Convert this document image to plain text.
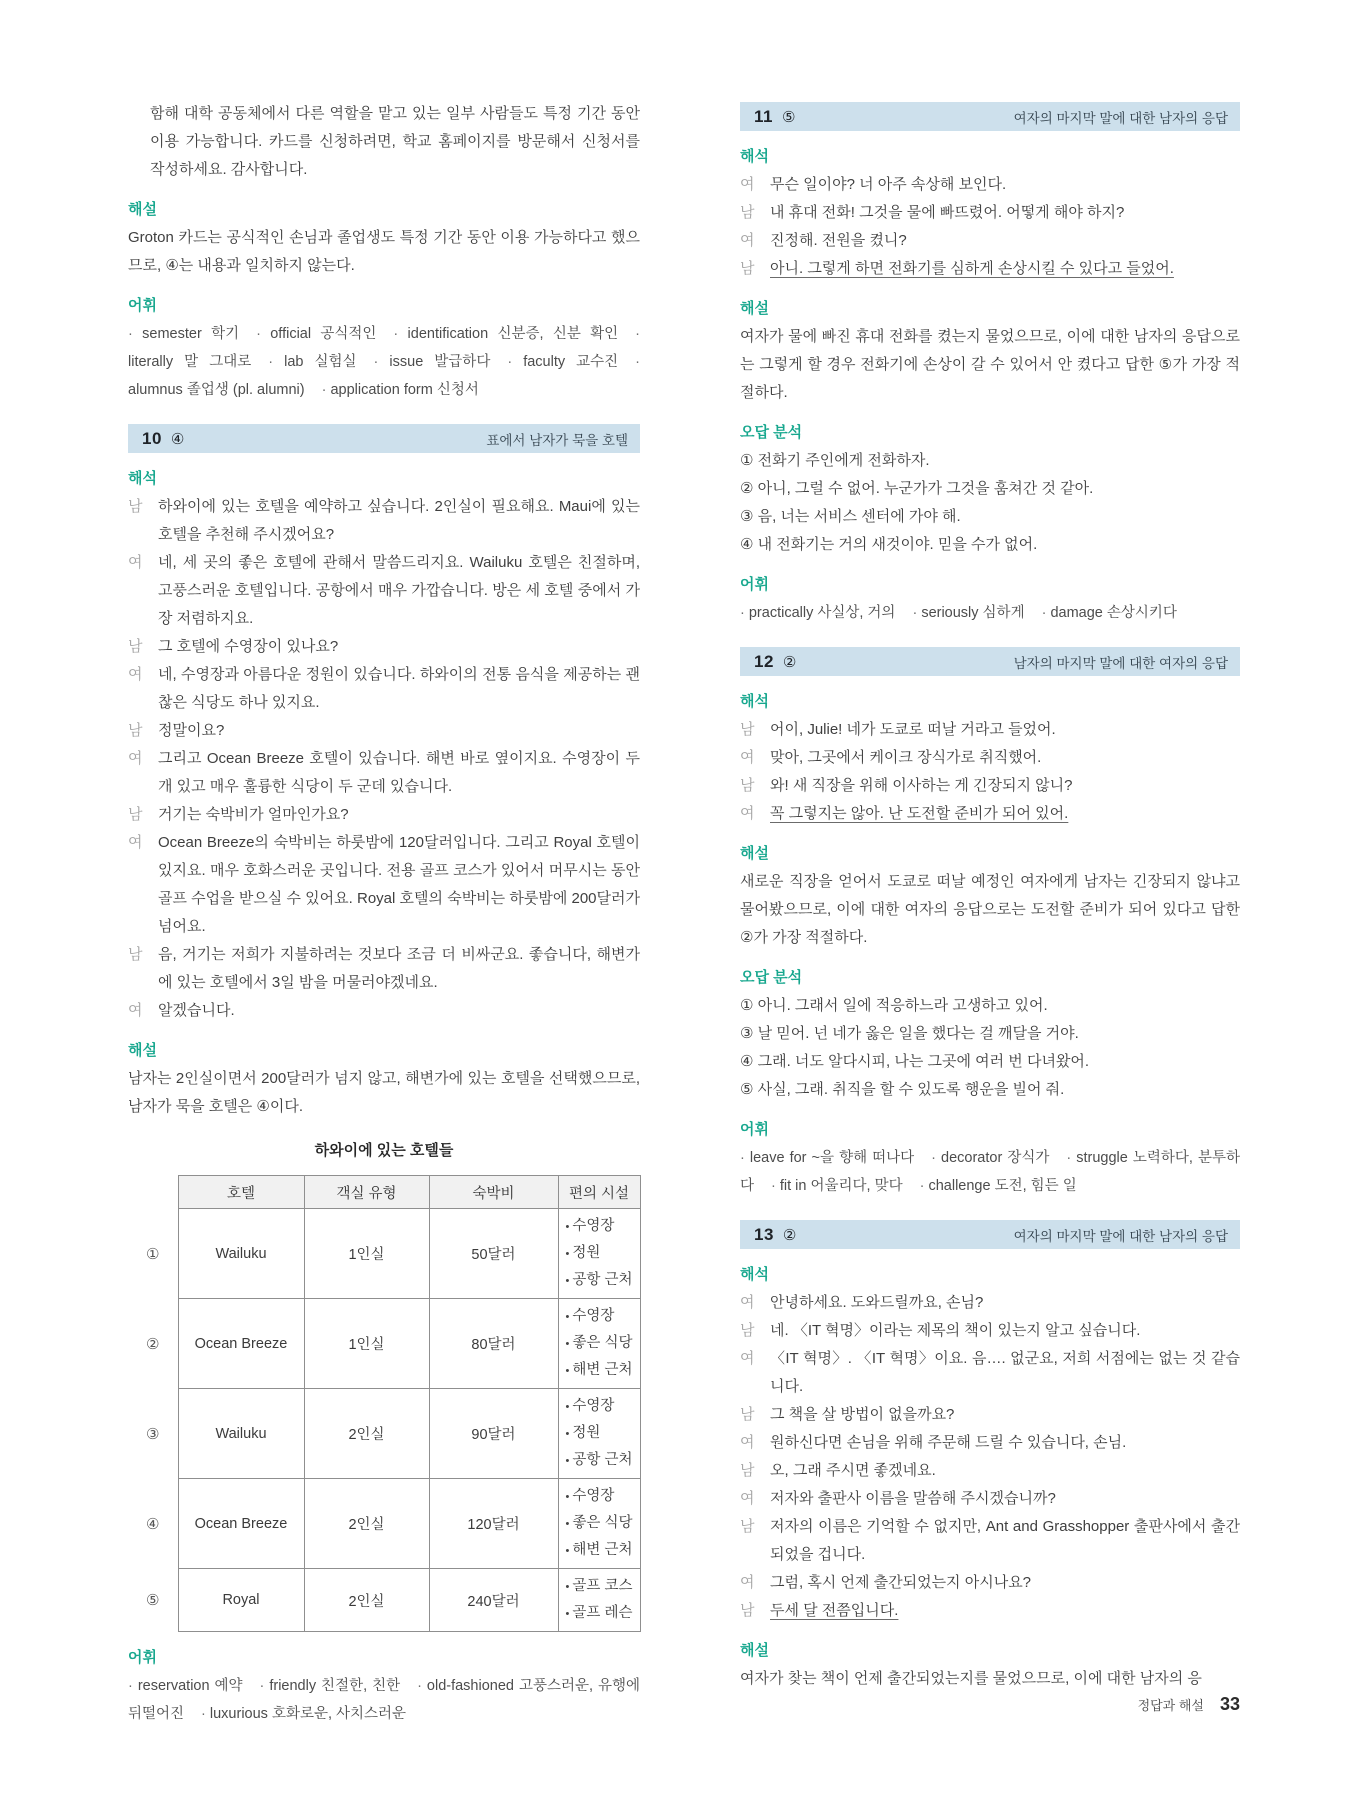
함해 대학 공동체에서 다른 역할을 맡고 있는 일부 사람들도 특정 기간 동안 이용 가능합니다. 카드를 신청하려면, 학교 홈페이지를 방문해서 신청서를 작성하세요. 감사합니다.

해설

Groton 카드는 공식적인 손님과 졸업생도 특정 기간 동안 이용 가능하다고 했으므로, ④는 내용과 일치하지 않는다.

어휘

· semester 학기 · official 공식적인 · identification 신분증, 신분 확인· literally 말 그대로 · lab 실험실 · issue 발급하다 · faculty 교수진· alumnus 졸업생 (pl. alumni) · application form 신청서

10 ④	표에서 남자가 묵을 호텔
해석
남	하와이에 있는 호텔을 예약하고 싶습니다. 2인실이 필요해요. Maui에 있는 호텔을 추천해 주시겠어요?
여	네, 세 곳의 좋은 호텔에 관해서 말씀드리지요. Wailuku 호텔은 친절하며, 고풍스러운 호텔입니다. 공항에서 매우 가깝습니다. 방은 세 호텔 중에서 가장 저렴하지요.
남	그 호텔에 수영장이 있나요?
여	네, 수영장과 아름다운 정원이 있습니다. 하와이의 전통 음식을 제공하는 괜찮은 식당도 하나 있지요.
남	정말이요?
여	그리고 Ocean Breeze 호텔이 있습니다. 해변 바로 옆이지요. 수영장이 두 개 있고 매우 훌륭한 식당이 두 군데 있습니다.
남	거기는 숙박비가 얼마인가요?
여	Ocean Breeze의 숙박비는 하룻밤에 120달러입니다. 그리고 Royal 호텔이 있지요. 매우 호화스러운 곳입니다. 전용 골프 코스가 있어서 머무시는 동안 골프 수업을 받으실 수 있어요. Royal 호텔의 숙박비는 하룻밤에 200달러가 넘어요.
남	음, 거기는 저희가 지불하려는 것보다 조금 더 비싸군요. 좋습니다, 해변가에 있는 호텔에서 3일 밤을 머물러야겠네요.
여	알겠습니다.
해설

남자는 2인실이면서 200달러가 넘지 않고, 해변가에 있는 호텔을 선택했으므로, 남자가 묵을 호텔은 ④이다.

하와이에 있는 호텔들
	호텔	객실 유형	숙박비	편의 시설
①	Wailuku	1인실	50달러	• 수영장
• 정원
• 공항 근처

②	Ocean Breeze	1인실	80달러	• 수영장
• 좋은 식당
• 해변 근처

③	Wailuku	2인실	90달러	• 수영장
• 정원
• 공항 근처

④	Ocean Breeze	2인실	120달러	• 수영장
• 좋은 식당
• 해변 근처

⑤	Royal	2인실	240달러	• 골프 코스
• 골프 레슨
어휘

· reservation 예약 · friendly 친절한, 친한 · old-fashioned 고풍스러운, 유행에 뒤떨어진 · luxurious 호화로운, 사치스러운

11 ⑤	여자의 마지막 말에 대한 남자의 응답
해석
여	무슨 일이야? 너 아주 속상해 보인다.
남	내 휴대 전화! 그것을 물에 빠뜨렸어. 어떻게 해야 하지?
여	진정해. 전원을 켰니?
남	아니. 그렇게 하면 전화기를 심하게 손상시킬 수 있다고 들었어.
해설

여자가 물에 빠진 휴대 전화를 켰는지 물었으므로, 이에 대한 남자의 응답으로는 그렇게 할 경우 전화기에 손상이 갈 수 있어서 안 켰다고 답한 ⑤가 가장 적절하다.

오답 분석
① 전화기 주인에게 전화하자.
② 아니, 그럴 수 없어. 누군가가 그것을 훔쳐간 것 같아.
③ 음, 너는 서비스 센터에 가야 해.
④ 내 전화기는 거의 새것이야. 믿을 수가 없어.
어휘

· practically 사실상, 거의 · seriously 심하게 · damage 손상시키다

12 ②	남자의 마지막 말에 대한 여자의 응답
해석
남	어이, Julie! 네가 도쿄로 떠날 거라고 들었어.
여	맞아, 그곳에서 케이크 장식가로 취직했어.
남	와! 새 직장을 위해 이사하는 게 긴장되지 않니?
여	꼭 그렇지는 않아. 난 도전할 준비가 되어 있어.
해설

새로운 직장을 얻어서 도쿄로 떠날 예정인 여자에게 남자는 긴장되지 않냐고 물어봤으므로, 이에 대한 여자의 응답으로는 도전할 준비가 되어 있다고 답한 ②가 가장 적절하다.

오답 분석
① 아니. 그래서 일에 적응하느라 고생하고 있어.
③ 날 믿어. 넌 네가 옳은 일을 했다는 걸 깨달을 거야.
④ 그래. 너도 알다시피, 나는 그곳에 여러 번 다녀왔어.
⑤ 사실, 그래. 취직을 할 수 있도록 행운을 빌어 줘.
어휘

· leave for ~을 향해 떠나다 · decorator 장식가 · struggle 노력하다, 분투하다 · fit in 어울리다, 맞다 · challenge 도전, 힘든 일

13 ②	여자의 마지막 말에 대한 남자의 응답
해석
여	안녕하세요. 도와드릴까요, 손님?
남	네. 〈IT 혁명〉이라는 제목의 책이 있는지 알고 싶습니다.
여	〈IT 혁명〉. 〈IT 혁명〉이요. 음…. 없군요, 저희 서점에는 없는 것 같습니다.
남	그 책을 살 방법이 없을까요?
여	원하신다면 손님을 위해 주문해 드릴 수 있습니다, 손님.
남	오, 그래 주시면 좋겠네요.
여	저자와 출판사 이름을 말씀해 주시겠습니까?
남	저자의 이름은 기억할 수 없지만, Ant and Grasshopper 출판사에서 출간되었을 겁니다.
여	그럼, 혹시 언제 출간되었는지 아시나요?
남	두세 달 전쯤입니다.
해설

여자가 찾는 책이 언제 출간되었는지를 물었으므로, 이에 대한 남자의 응

정답과 해설 33
